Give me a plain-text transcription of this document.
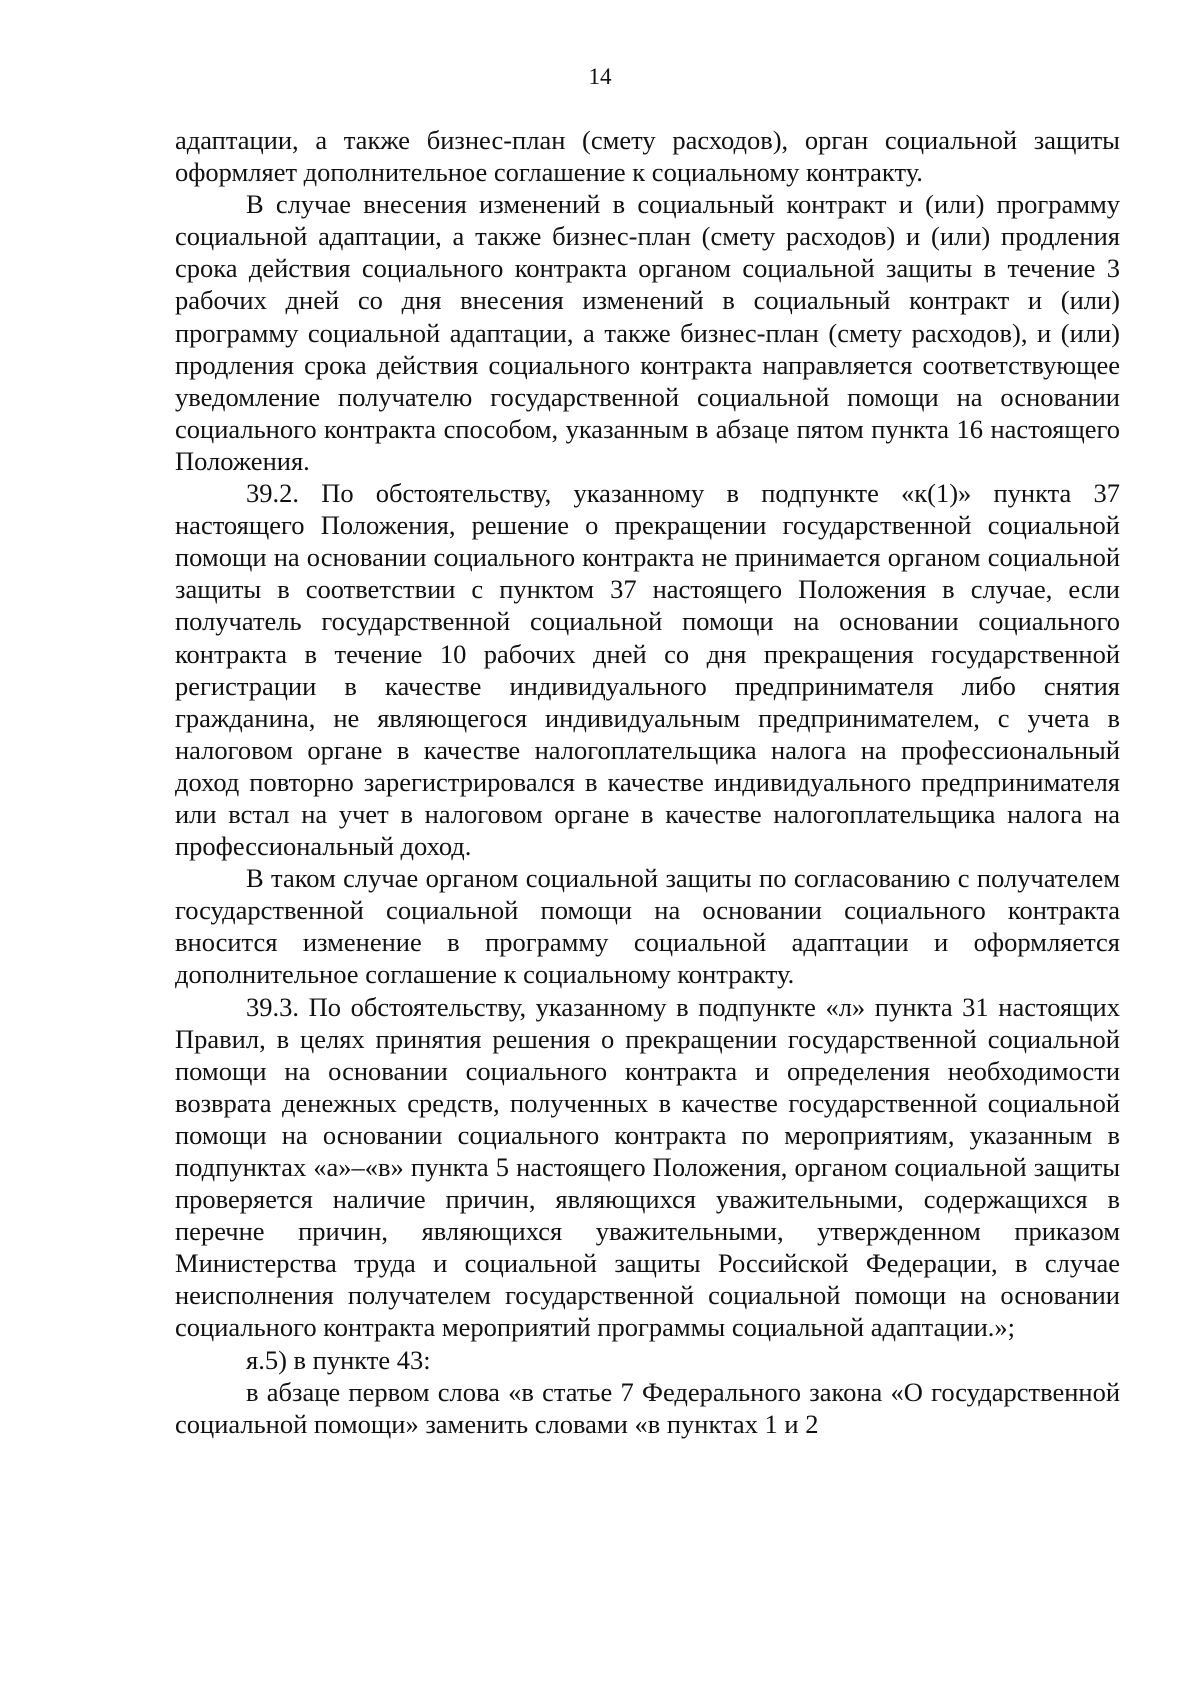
14

адаптации, а также бизнес-план (смету расходов), орган социальной защиты оформляет дополнительное соглашение к социальному контракту.

В случае внесения изменений в социальный контракт и (или) программу социальной адаптации, а также бизнес-план (смету расходов) и (или) продления срока действия социального контракта органом социальной защиты в течение 3 рабочих дней со дня внесения изменений в социальный контракт и (или) программу социальной адаптации, а также бизнес-план (смету расходов), и (или) продления срока действия социального контракта направляется соответствующее уведомление получателю государственной социальной помощи на основании социального контракта способом, указанным в абзаце пятом пункта 16 настоящего Положения.

39.2. По обстоятельству, указанному в подпункте «к(1)» пункта 37 настоящего Положения, решение о прекращении государственной социальной помощи на основании социального контракта не принимается органом социальной защиты в соответствии с пунктом 37 настоящего Положения в случае, если получатель государственной социальной помощи на основании социального контракта в течение 10 рабочих дней со дня прекращения государственной регистрации в качестве индивидуального предпринимателя либо снятия гражданина, не являющегося индивидуальным предпринимателем, с учета в налоговом органе в качестве налогоплательщика налога на профессиональный доход повторно зарегистрировался в качестве индивидуального предпринимателя или встал на учет в налоговом органе в качестве налогоплательщика налога на профессиональный доход.

В таком случае органом социальной защиты по согласованию с получателем государственной социальной помощи на основании социального контракта вносится изменение в программу социальной адаптации и оформляется дополнительное соглашение к социальному контракту.

39.3. По обстоятельству, указанному в подпункте «л» пункта 31 настоящих Правил, в целях принятия решения о прекращении государственной социальной помощи на основании социального контракта и определения необходимости возврата денежных средств, полученных в качестве государственной социальной помощи на основании социального контракта по мероприятиям, указанным в подпунктах «а»–«в» пункта 5 настоящего Положения, органом социальной защиты проверяется наличие причин, являющихся уважительными, содержащихся в перечне причин, являющихся уважительными, утвержденном приказом Министерства труда и социальной защиты Российской Федерации, в случае неисполнения получателем государственной социальной помощи на основании социального контракта мероприятий программы социальной адаптации.»;

я.5) в пункте 43:

в абзаце первом слова «в статье 7 Федерального закона «О государственной социальной помощи» заменить словами «в пунктах 1 и 2
